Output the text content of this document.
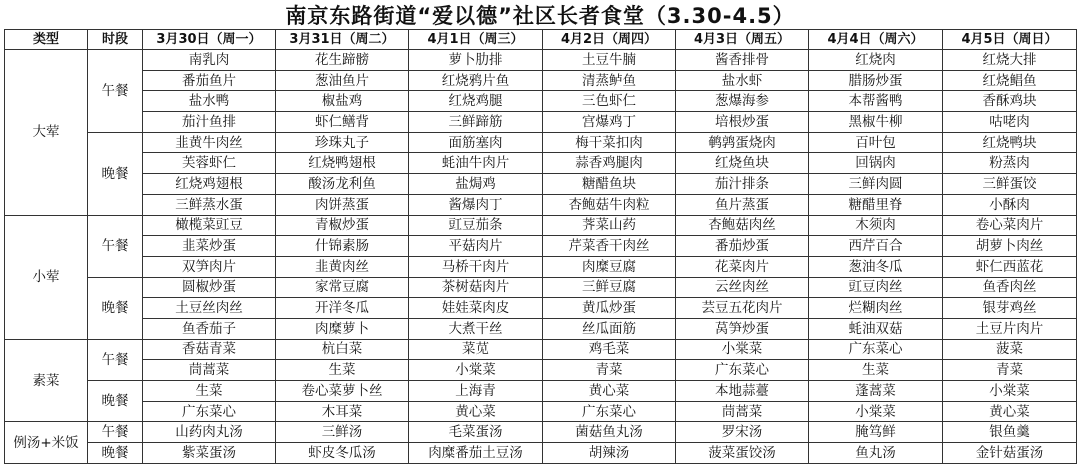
南京东路街道“爱以德”社区长者食堂（3.30-4.5）
类型	时段	3月30日（周一）	3月31日（周二）	4月1日（周三）	4月2日（周四）	4月3日（周五）	4月4日（周六）	4月5日（周日）
大荤	午餐	南乳肉	花生蹄髈	萝卜肋排	土豆牛腩	酱香排骨	红烧肉	红烧大排
		番茄鱼片	葱油鱼片	红烧鸦片鱼	清蒸鲈鱼	盐水虾	腊肠炒蛋	红烧鲳鱼
		盐水鸭	椒盐鸡	红烧鸡腿	三色虾仁	葱爆海参	本帮酱鸭	香酥鸡块
		茄汁鱼排	虾仁鳝背	三鲜蹄筋	宫爆鸡丁	培根炒蛋	黑椒牛柳	咕咾肉
	晚餐	韭黄牛肉丝	珍珠丸子	面筋塞肉	梅干菜扣肉	鹌鹑蛋烧肉	百叶包	红烧鸭块
		芙蓉虾仁	红烧鸭翅根	蚝油牛肉片	蒜香鸡腿肉	红烧鱼块	回锅肉	粉蒸肉
		红烧鸡翅根	酸汤龙利鱼	盐焗鸡	糖醋鱼块	茄汁排条	三鲜肉圆	三鲜蛋饺
		三鲜蒸水蛋	肉饼蒸蛋	酱爆肉丁	杏鲍菇牛肉粒	鱼片蒸蛋	糖醋里脊	小酥肉
小荤	午餐	橄榄菜豇豆	青椒炒蛋	豇豆茄条	荠菜山药	杏鲍菇肉丝	木须肉	卷心菜肉片
		韭菜炒蛋	什锦素肠	平菇肉片	芹菜香干肉丝	番茄炒蛋	西芹百合	胡萝卜肉丝
		双笋肉片	韭黄肉丝	马桥干肉片	肉糜豆腐	花菜肉片	葱油冬瓜	虾仁西蓝花
	晚餐	圆椒炒蛋	家常豆腐	茶树菇肉片	三鲜豆腐	云丝肉丝	豇豆肉丝	鱼香肉丝
		土豆丝肉丝	开洋冬瓜	娃娃菜肉皮	黄瓜炒蛋	芸豆五花肉片	烂糊肉丝	银芽鸡丝
		鱼香茄子	肉糜萝卜	大煮干丝	丝瓜面筋	莴笋炒蛋	蚝油双菇	土豆片肉片
素菜	午餐	香菇青菜	杭白菜	菜苋	鸡毛菜	小棠菜	广东菜心	菠菜
		茼蒿菜	生菜	小棠菜	青菜	广东菜心	生菜	青菜
	晚餐	生菜	卷心菜萝卜丝	上海青	黄心菜	本地蒜薹	蓬蒿菜	小棠菜
		广东菜心	木耳菜	黄心菜	广东菜心	茼蒿菜	小棠菜	黄心菜
例汤+米饭	午餐	山药肉丸汤	三鲜汤	毛菜蛋汤	菌菇鱼丸汤	罗宋汤	腌笃鲜	银鱼羹
	晚餐	紫菜蛋汤	虾皮冬瓜汤	肉糜番茄土豆汤	胡辣汤	菠菜蛋饺汤	鱼丸汤	金针菇蛋汤
